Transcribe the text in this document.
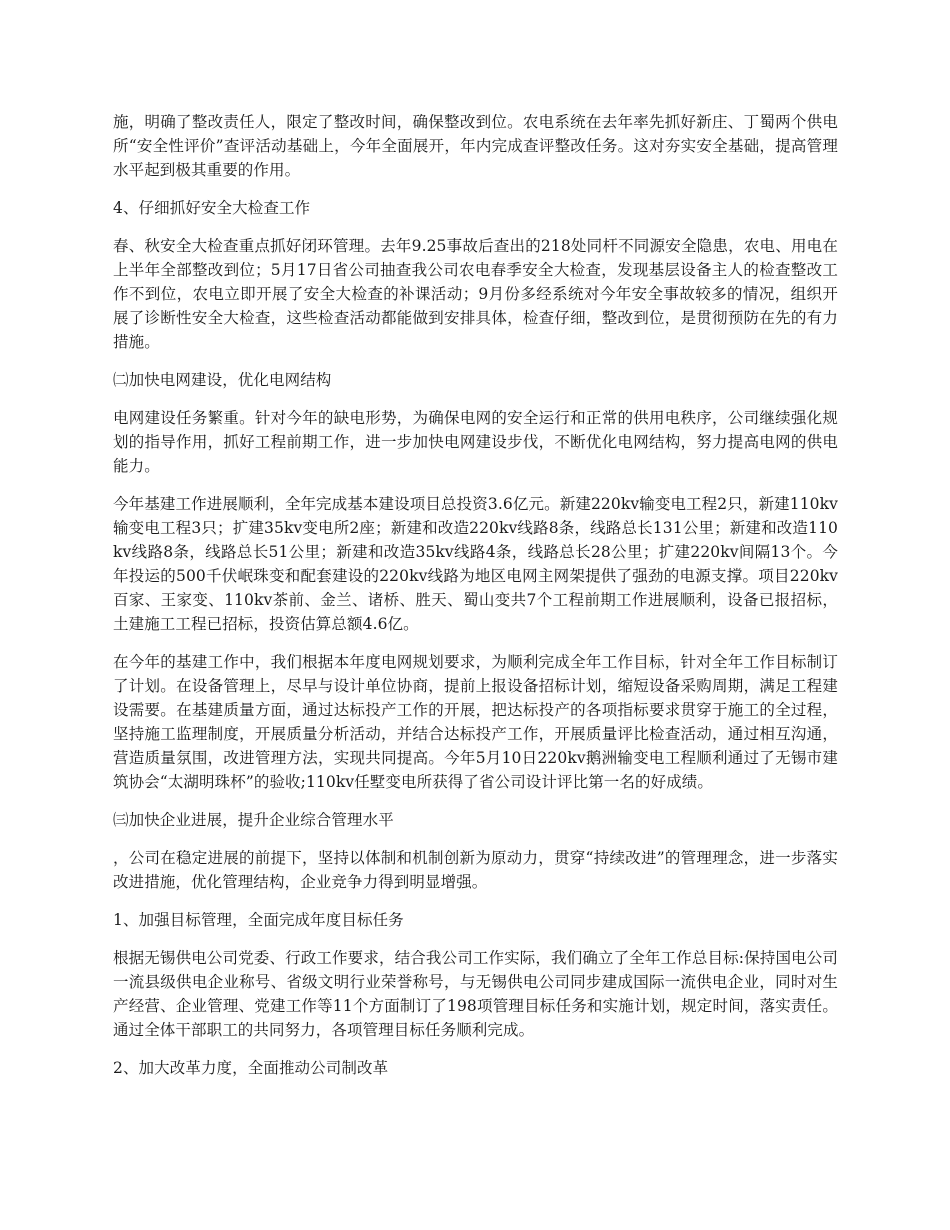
施，明确了整改责任人，限定了整改时间，确保整改到位。农电系统在去年率先抓好新庄、丁蜀两个供电所“安全性评价”查评活动基础上，今年全面展开，年内完成查评整改任务。这对夯实安全基础，提高管理水平起到极其重要的作用。

4、仔细抓好安全大检查工作

春、秋安全大检查重点抓好闭环管理。去年9.25事故后查出的218处同杆不同源安全隐患，农电、用电在上半年全部整改到位；5月17日省公司抽查我公司农电春季安全大检查，发现基层设备主人的检查整改工作不到位，农电立即开展了安全大检查的补课活动；9月份多经系统对今年安全事故较多的情况，组织开展了诊断性安全大检查，这些检查活动都能做到安排具体，检查仔细，整改到位，是贯彻预防在先的有力措施。

㈡加快电网建设，优化电网结构

电网建设任务繁重。针对今年的缺电形势，为确保电网的安全运行和正常的供用电秩序，公司继续强化规划的指导作用，抓好工程前期工作，进一步加快电网建设步伐，不断优化电网结构，努力提高电网的供电能力。

今年基建工作进展顺利，全年完成基本建设项目总投资3.6亿元。新建220kv输变电工程2只，新建110kv输变电工程3只；扩建35kv变电所2座；新建和改造220kv线路8条，线路总长131公里；新建和改造110kv线路8条，线路总长51公里；新建和改造35kv线路4条，线路总长28公里；扩建220kv间隔13个。今年投运的500千伏岷珠变和配套建设的220kv线路为地区电网主网架提供了强劲的电源支撑。项目220kv百家、王家变、110kv茶前、金兰、诸桥、胜天、蜀山变共7个工程前期工作进展顺利，设备已报招标，土建施工工程已招标，投资估算总额4.6亿。

在今年的基建工作中，我们根据本年度电网规划要求，为顺利完成全年工作目标，针对全年工作目标制订了计划。在设备管理上，尽早与设计单位协商，提前上报设备招标计划，缩短设备采购周期，满足工程建设需要。在基建质量方面，通过达标投产工作的开展，把达标投产的各项指标要求贯穿于施工的全过程，坚持施工监理制度，开展质量分析活动，并结合达标投产工作，开展质量评比检查活动，通过相互沟通，营造质量氛围，改进管理方法，实现共同提高。今年5月10日220kv鹅洲输变电工程顺利通过了无锡市建筑协会“太湖明珠杯”的验收;110kv任墅变电所获得了省公司设计评比第一名的好成绩。

㈢加快企业进展，提升企业综合管理水平

，公司在稳定进展的前提下，坚持以体制和机制创新为原动力，贯穿“持续改进”的管理理念，进一步落实改进措施，优化管理结构，企业竞争力得到明显增强。

1、加强目标管理，全面完成年度目标任务

根据无锡供电公司党委、行政工作要求，结合我公司工作实际，我们确立了全年工作总目标:保持国电公司一流县级供电企业称号、省级文明行业荣誉称号，与无锡供电公司同步建成国际一流供电企业，同时对生产经营、企业管理、党建工作等11个方面制订了198项管理目标任务和实施计划，规定时间，落实责任。通过全体干部职工的共同努力，各项管理目标任务顺利完成。

2、加大改革力度，全面推动公司制改革
